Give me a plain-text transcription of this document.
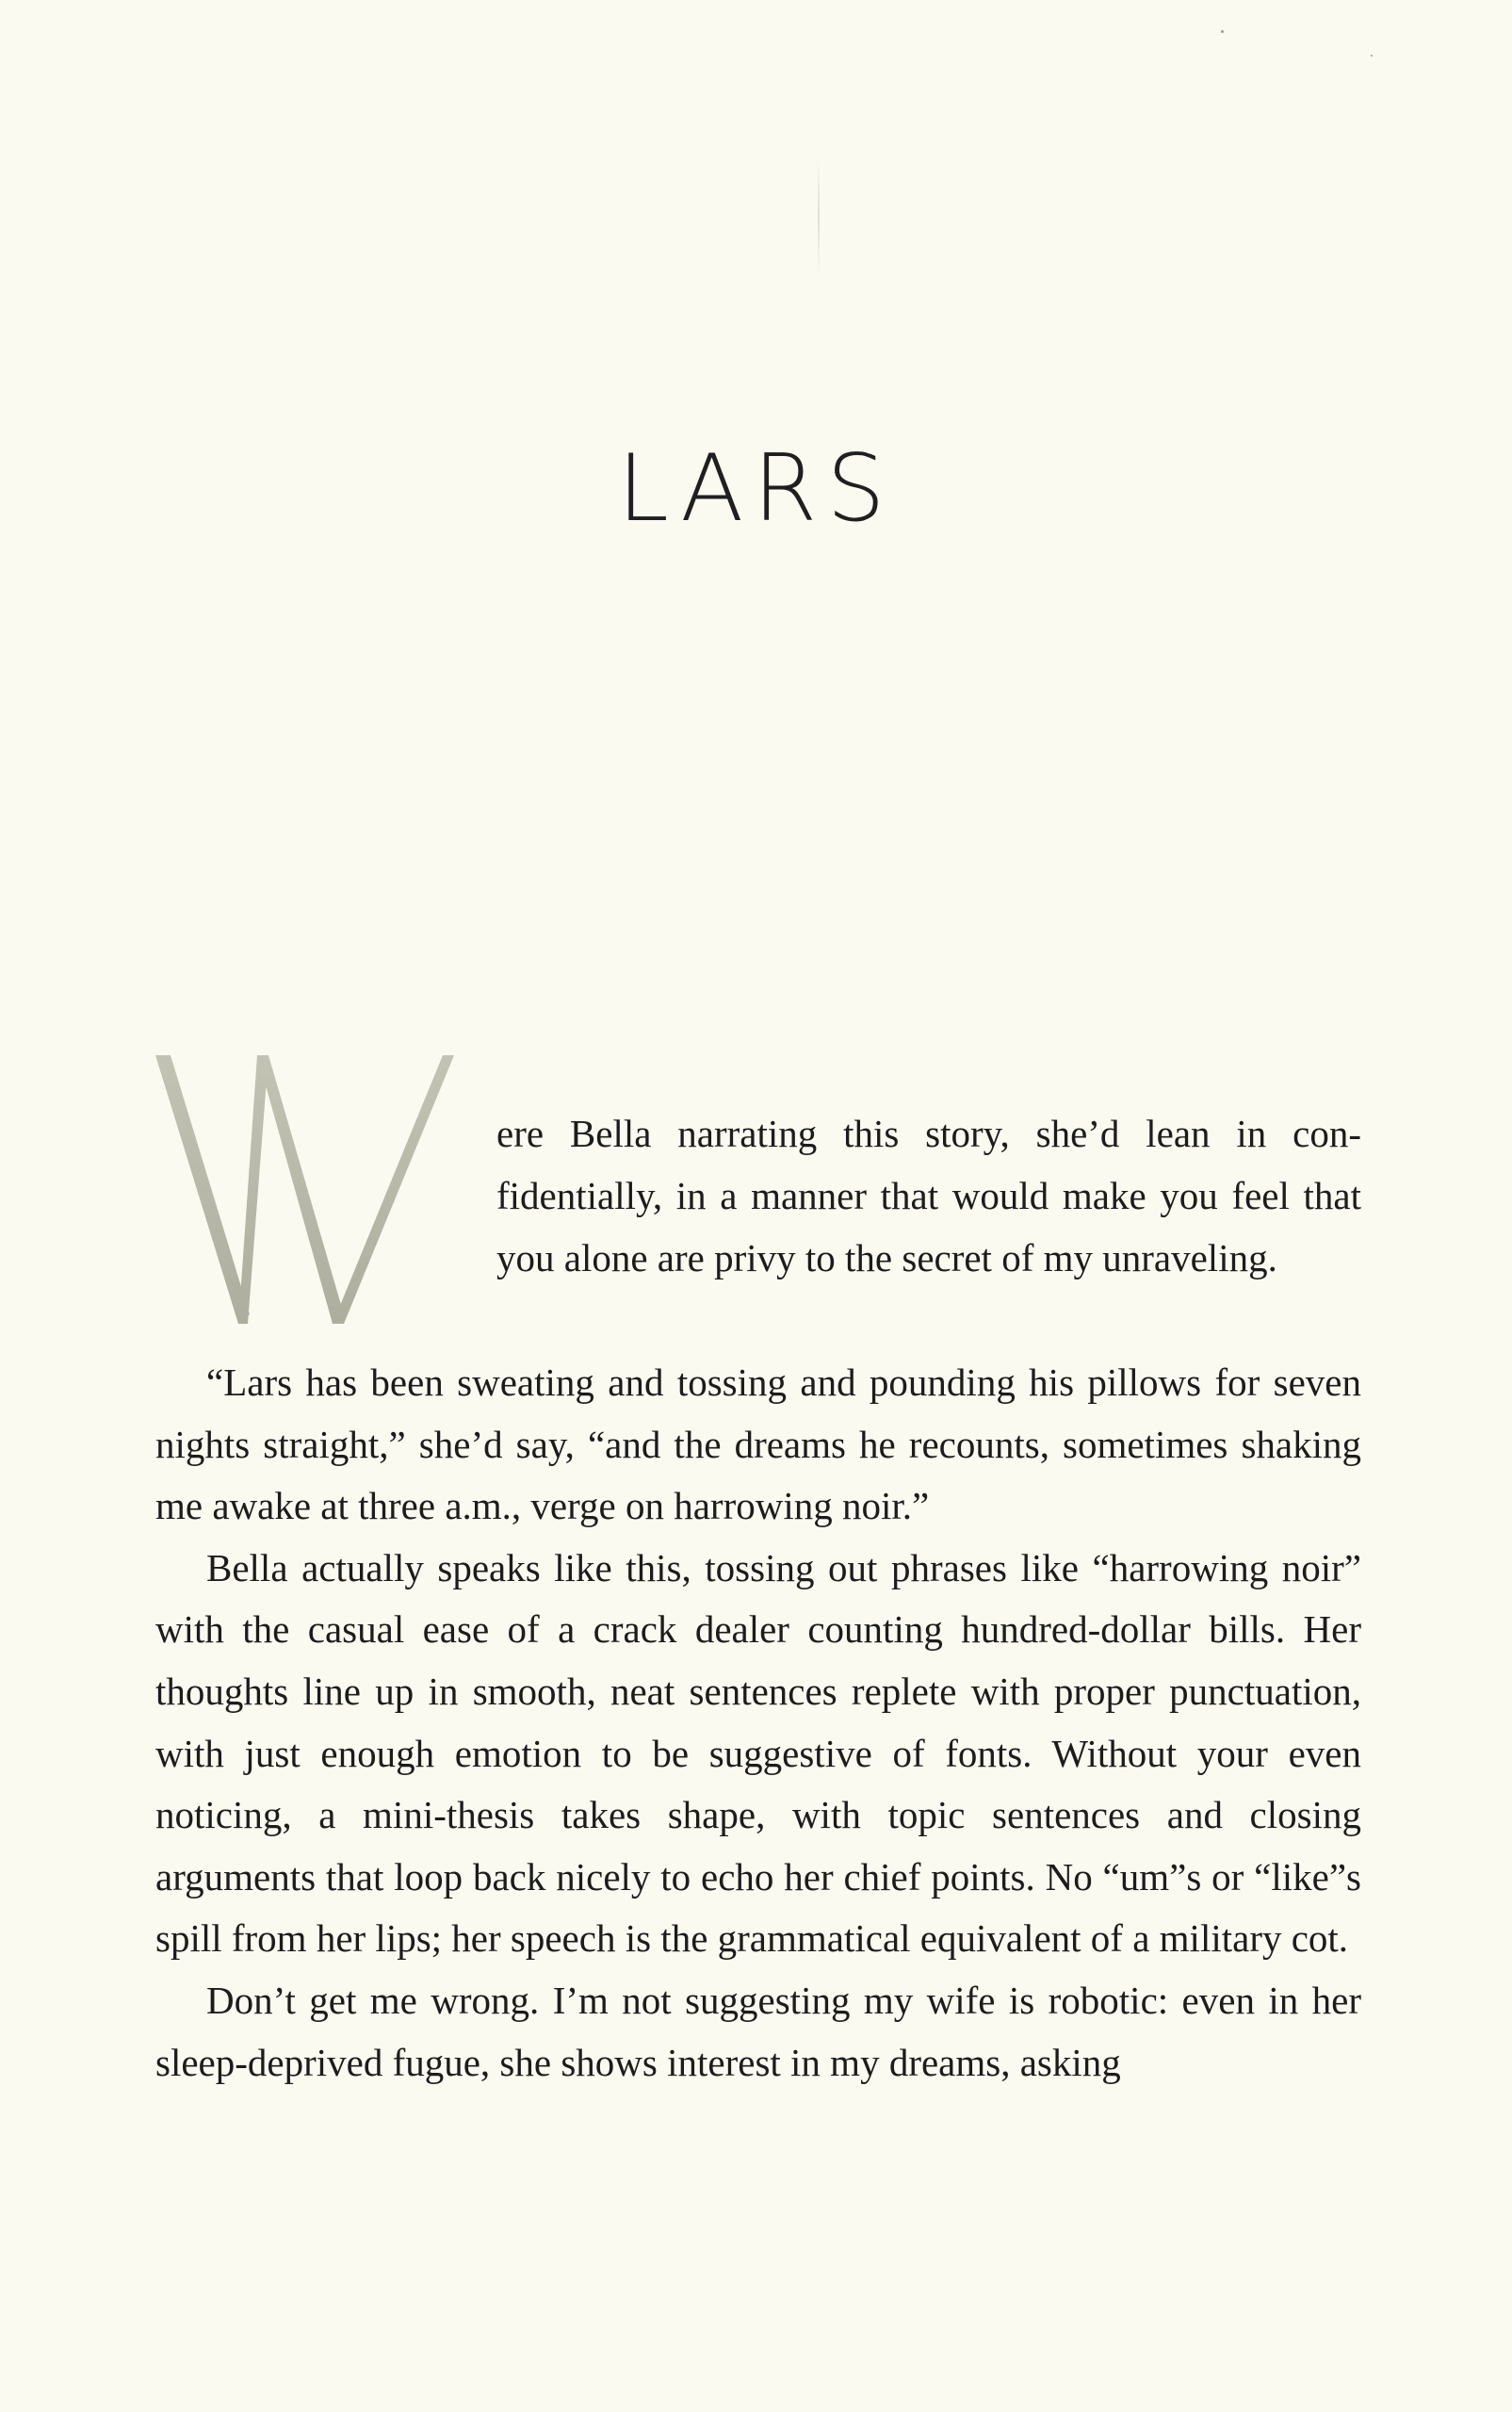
LARS

ere Bella narrating this story, she’d lean in confidentially, in a manner that would make you feel that you alone are privy to the secret of my unraveling.

“Lars has been sweating and tossing and pounding his pillows for seven nights straight,” she’d say, “and the dreams he recounts, sometimes shaking me awake at three a.m., verge on harrowing noir.”

Bella actually speaks like this, tossing out phrases like “harrowing noir” with the casual ease of a crack dealer counting hundred-dollar bills. Her thoughts line up in smooth, neat sentences replete with proper punctuation, with just enough emotion to be suggestive of fonts. Without your even noticing, a mini-thesis takes shape, with topic sentences and closing arguments that loop back nicely to echo her chief points. No “um”s or “like”s spill from her lips; her speech is the grammatical equivalent of a military cot.

Don’t get me wrong. I’m not suggesting my wife is robotic: even in her sleep-deprived fugue, she shows interest in my dreams, asking
